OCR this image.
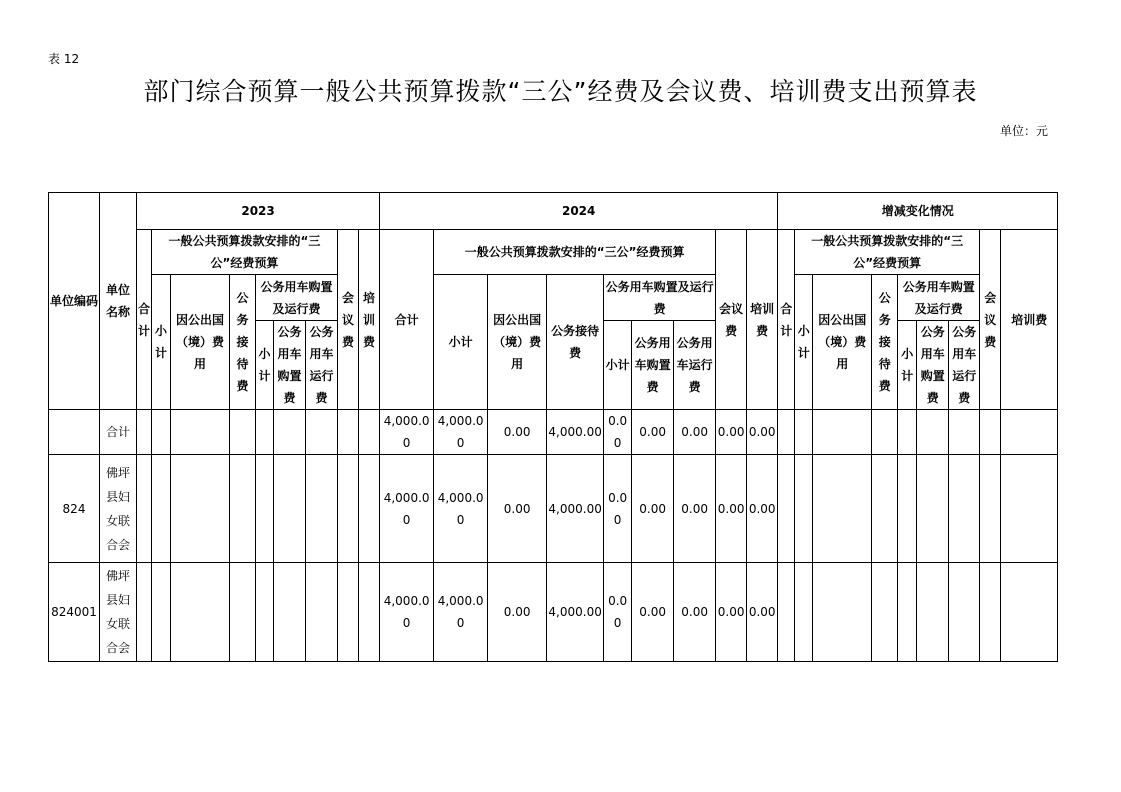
表 12
部门综合预算一般公共预算拨款“三公”经费及会议费、培训费支出预算表
单位：元
单位编码	单位名称	2023									2024									增减变化情况								
		合计	一般公共预算拨款安排的“三公”经费预算						会议费	培训费	合计	一般公共预算拨款安排的“三公”经费预算						会议费	培训费	合计	一般公共预算拨款安排的“三公”经费预算						会议费	培训费
			小计	因公出国（境）费用	公务接待费	公务用车购置及运行费						小计	因公出国（境）费用	公务接待费	公务用车购置及运行费						小计	因公出国（境）费用	公务接待费	公务用车购置及运行费				
						小计	公务用车购置费	公务用车运行费							小计	公务用车购置费	公务用车运行费							小计	公务用车购置费	公务用车运行费		
	合计										4,000.00	4,000.00	0.00	4,000.00	0.00	0.00	0.00	0.00	0.00									
824	佛坪县妇女联合会										4,000.00	4,000.00	0.00	4,000.00	0.00	0.00	0.00	0.00	0.00									
824001	佛坪县妇女联合会										4,000.00	4,000.00	0.00	4,000.00	0.00	0.00	0.00	0.00	0.00									
